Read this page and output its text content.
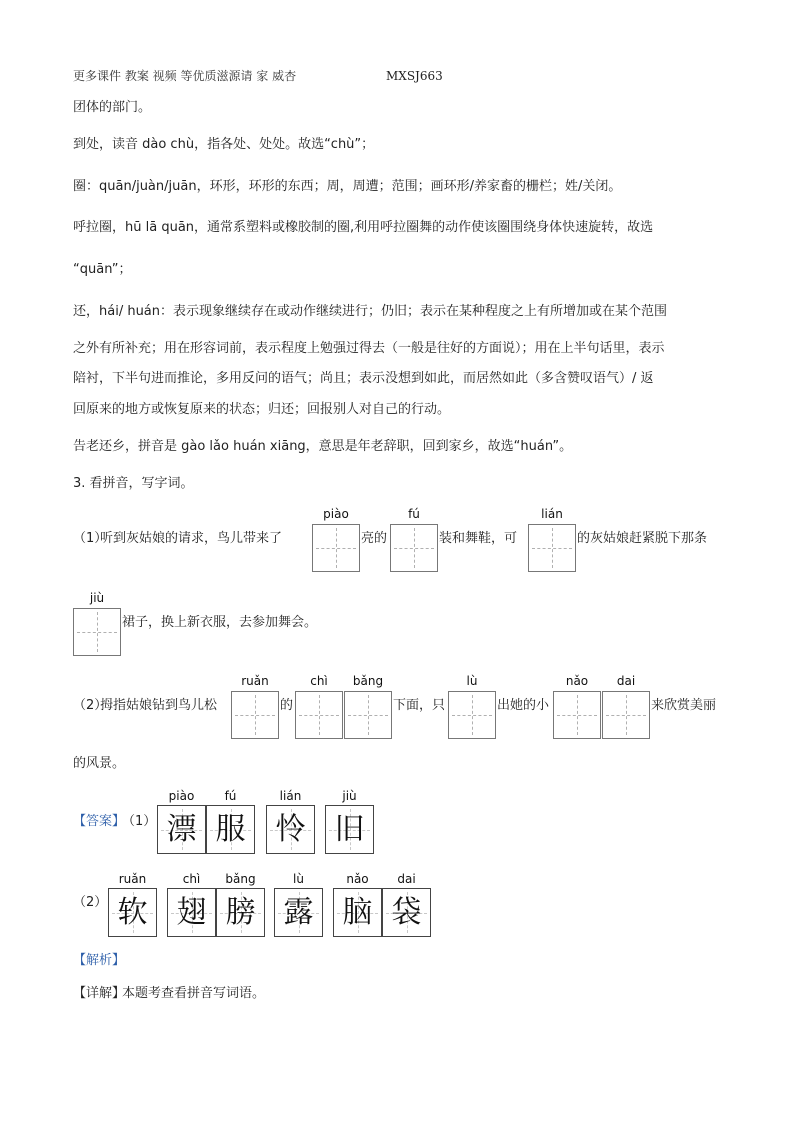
更多课件 教案 视频 等优质滋源请 家 威杏	MXSJ663
团体的部门。
到处，读音 dào chù，指各处、处处。故选“chù”；
圈：quān/juàn/juān，环形，环形的东西；周，周遭；范围；画环形/养家畜的栅栏；姓/关闭。
呼拉圈，hū lā quān，通常系塑料或橡胶制的圈,利用呼拉圈舞的动作使该圈围绕身体快速旋转，故选
“quān”；
还，hái/ huán：表示现象继续存在或动作继续进行；仍旧；表示在某种程度之上有所增加或在某个范围
之外有所补充；用在形容词前，表示程度上勉强过得去（一般是往好的方面说）；用在上半句话里，表示
陪衬，下半句进而推论，多用反问的语气；尚且；表示没想到如此，而居然如此（多含赞叹语气）/ 返
回原来的地方或恢复原来的状态；归还；回报别人对自己的行动。
告老还乡，拼音是 gào lǎo huán xiāng，意思是年老辞职，回到家乡，故选“huán”。
3. 看拼音，写字词。
（1）
听到灰姑娘的请求，鸟儿带来了
piào
亮的
fú
装和舞鞋，可
lián
的灰姑娘赶紧脱下那条
jiù
裙子，换上新衣服，去参加舞会。
（2）
拇指姑娘钻到鸟儿松
ruǎn
的
chì	bǎng
下面，只
lù
出她的小
nǎo	dai
来欣赏美丽
的风景。
【答案】
（1）
piào
漂
fú
服
lián
怜
jiù
旧
（2）
ruǎn
软
chì
翅
bǎng
膀
lù
露
nǎo
脑
dai
袋
【解析】
【详解】
本题考查看拼音写词语。
